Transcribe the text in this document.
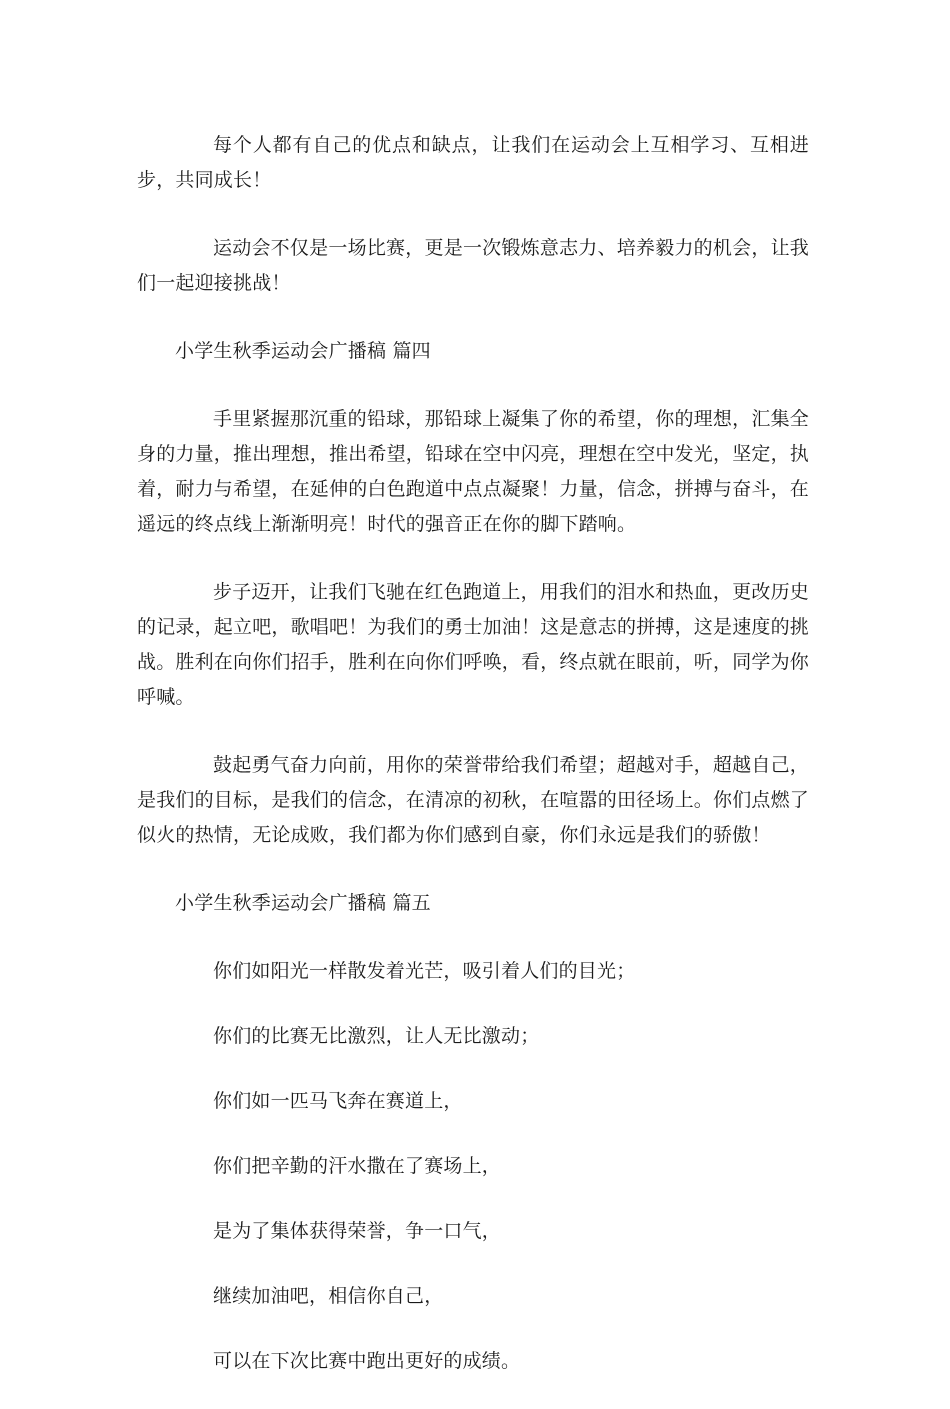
每个人都有自己的优点和缺点，让我们在运动会上互相学习、互相进步，共同成长！

运动会不仅是一场比赛，更是一次锻炼意志力、培养毅力的机会，让我们一起迎接挑战！

小学生秋季运动会广播稿 篇四

手里紧握那沉重的铅球，那铅球上凝集了你的希望，你的理想，汇集全身的力量，推出理想，推出希望，铅球在空中闪亮，理想在空中发光，坚定，执着，耐力与希望，在延伸的白色跑道中点点凝聚！力量，信念，拼搏与奋斗，在遥远的终点线上渐渐明亮！时代的强音正在你的脚下踏响。

步子迈开，让我们飞驰在红色跑道上，用我们的泪水和热血，更改历史的记录，起立吧，歌唱吧！为我们的勇士加油！这是意志的拼搏，这是速度的挑战。胜利在向你们招手，胜利在向你们呼唤，看，终点就在眼前，听，同学为你呼喊。

鼓起勇气奋力向前，用你的荣誉带给我们希望；超越对手，超越自己，是我们的目标，是我们的信念，在清凉的初秋，在喧嚣的田径场上。你们点燃了似火的热情，无论成败，我们都为你们感到自豪，你们永远是我们的骄傲！

小学生秋季运动会广播稿 篇五

你们如阳光一样散发着光芒，吸引着人们的目光；

你们的比赛无比激烈，让人无比激动；

你们如一匹马飞奔在赛道上，

你们把辛勤的汗水撒在了赛场上，

是为了集体获得荣誉，争一口气，

继续加油吧，相信你自己，

可以在下次比赛中跑出更好的成绩。
